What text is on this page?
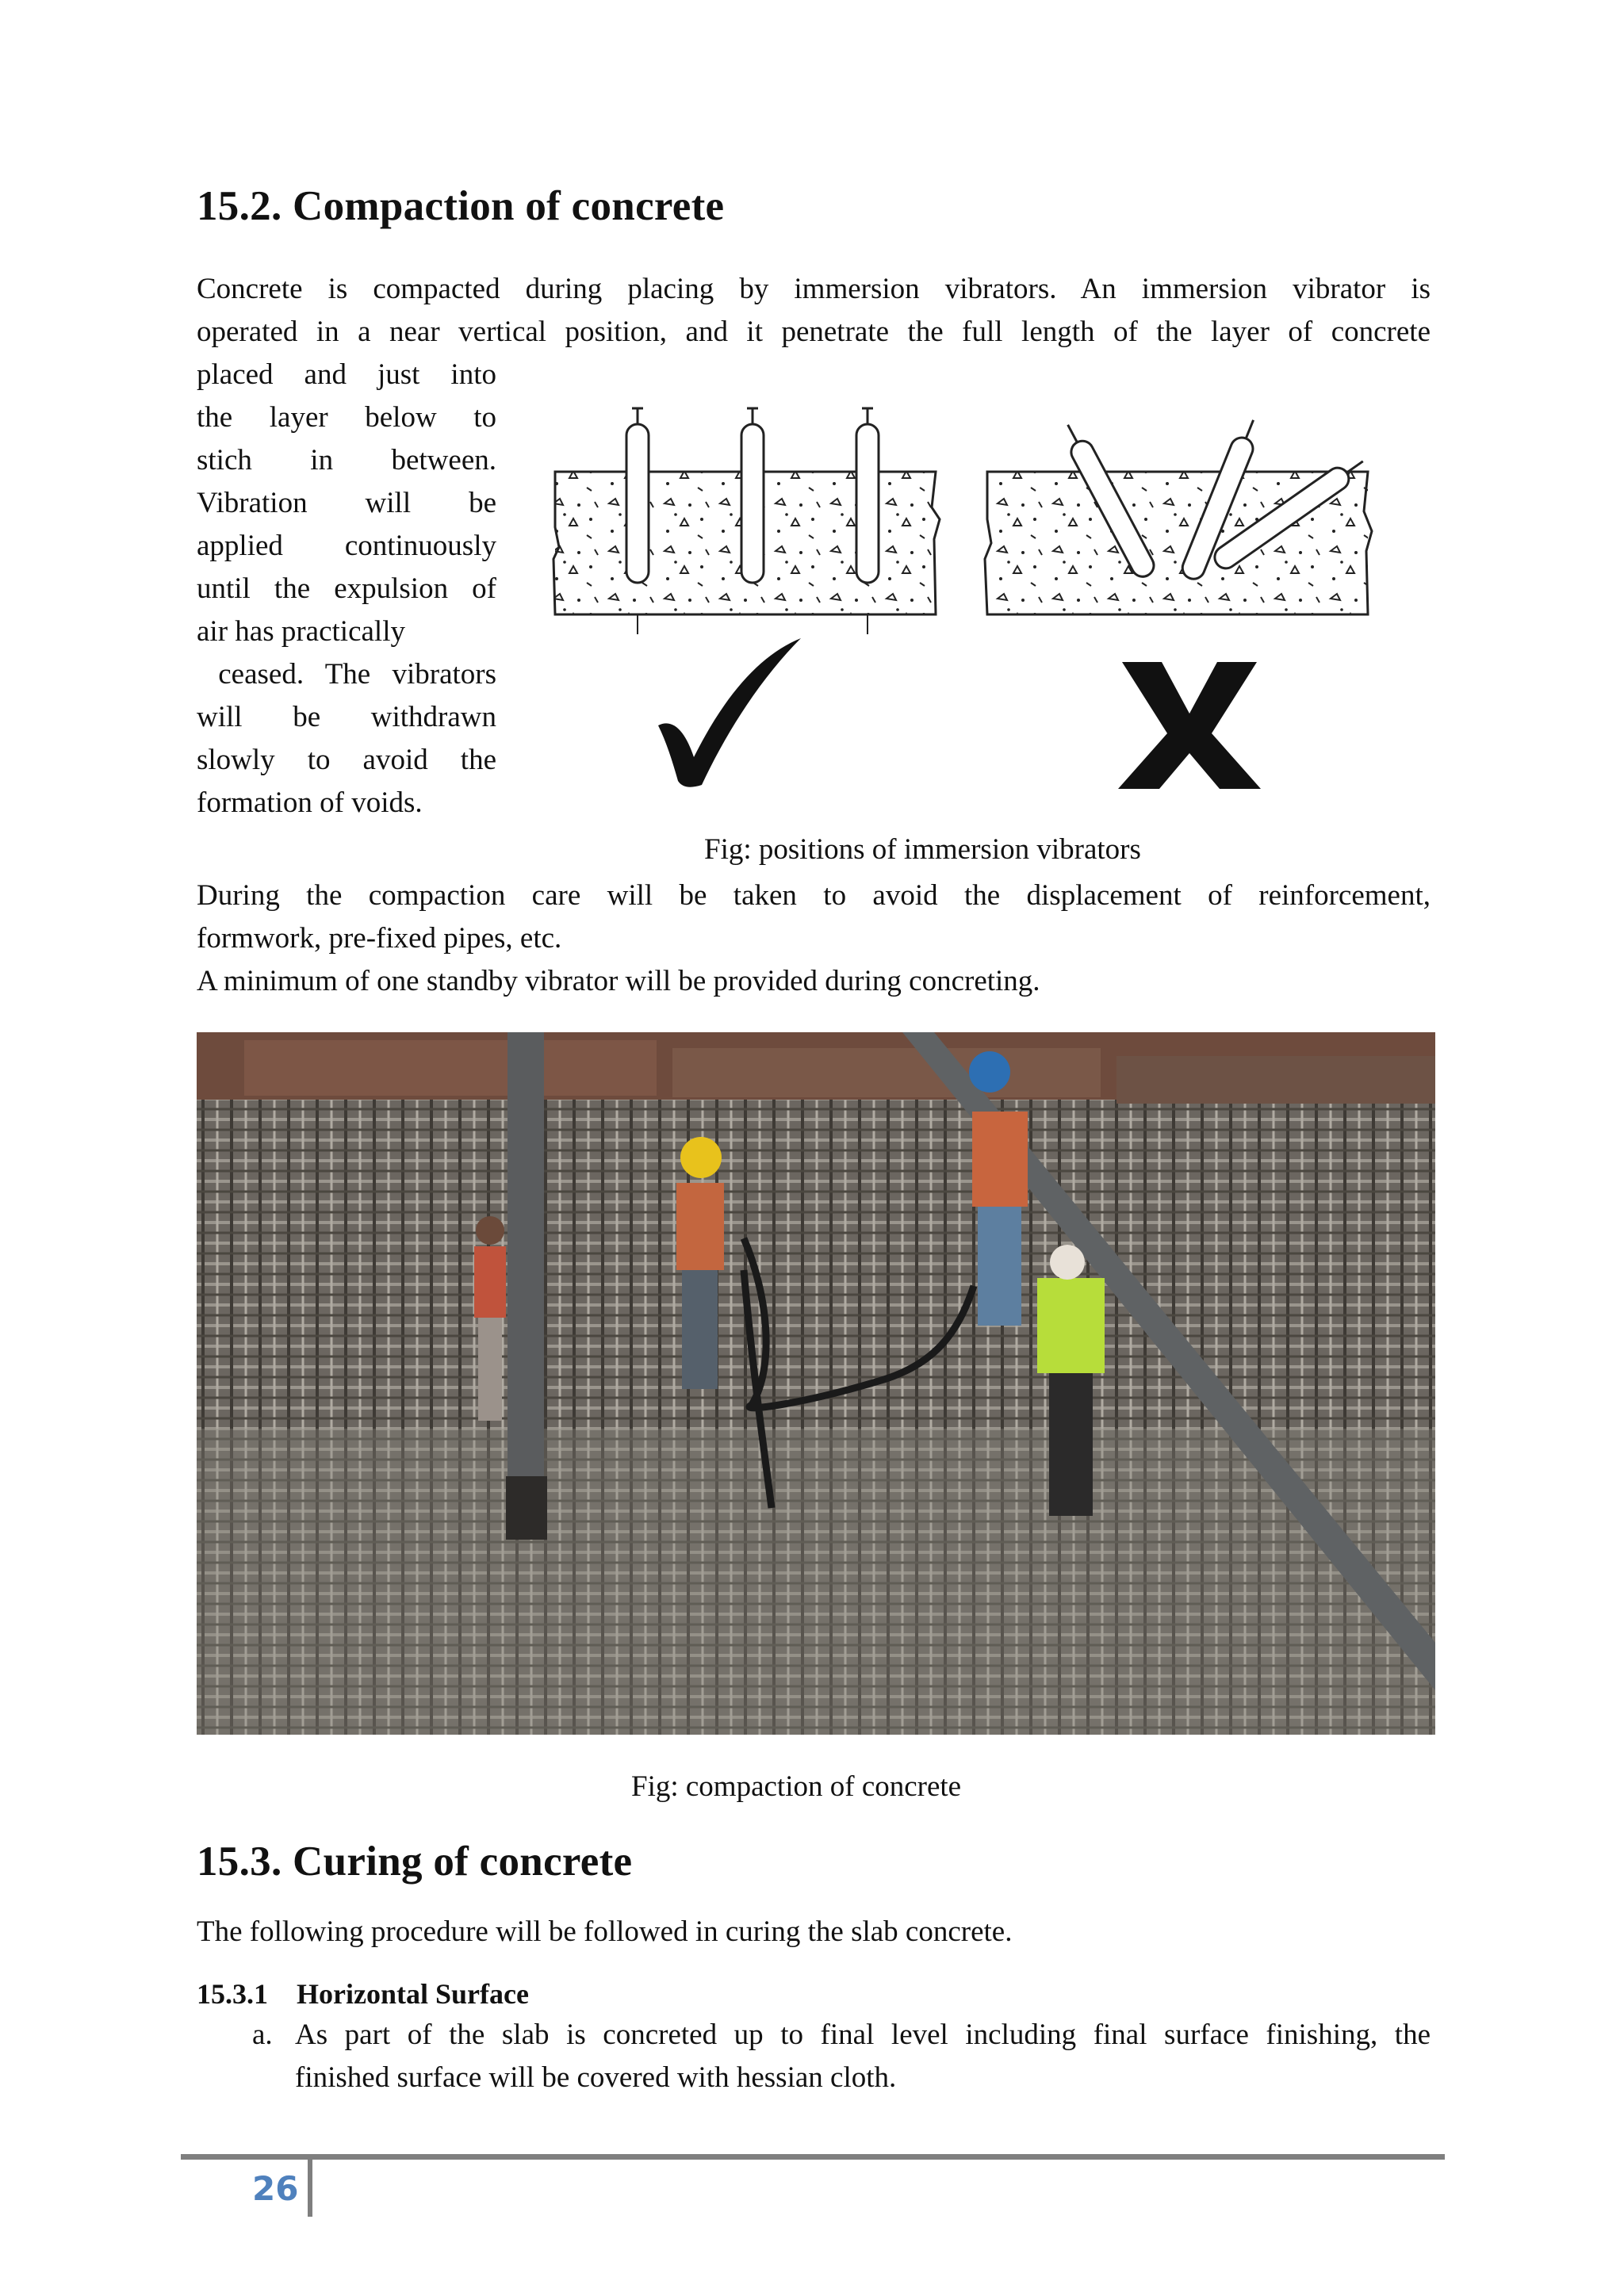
15.2. Compaction of concrete
Concrete is compacted during placing by immersion vibrators. An immersion vibrator is
operated in a near vertical position, and it penetrate the full length of the layer of concrete
placed and just into
the layer below to
stich in between.
Vibration will be
applied continuously
until the expulsion of
air has practically
ceased. The vibrators
will be withdrawn
slowly to avoid the
formation of voids.
Fig: positions of immersion vibrators
During the compaction care will be taken to avoid the displacement of reinforcement,
formwork, pre-fixed pipes, etc.
A minimum of one standby vibrator will be provided during concreting.
Fig: compaction of concrete
15.3. Curing of concrete
The following procedure will be followed in curing the slab concrete.
15.3.1    Horizontal Surface
a. As part of the slab is concreted up to final level including final surface finishing, the
finished surface will be covered with hessian cloth.
26
